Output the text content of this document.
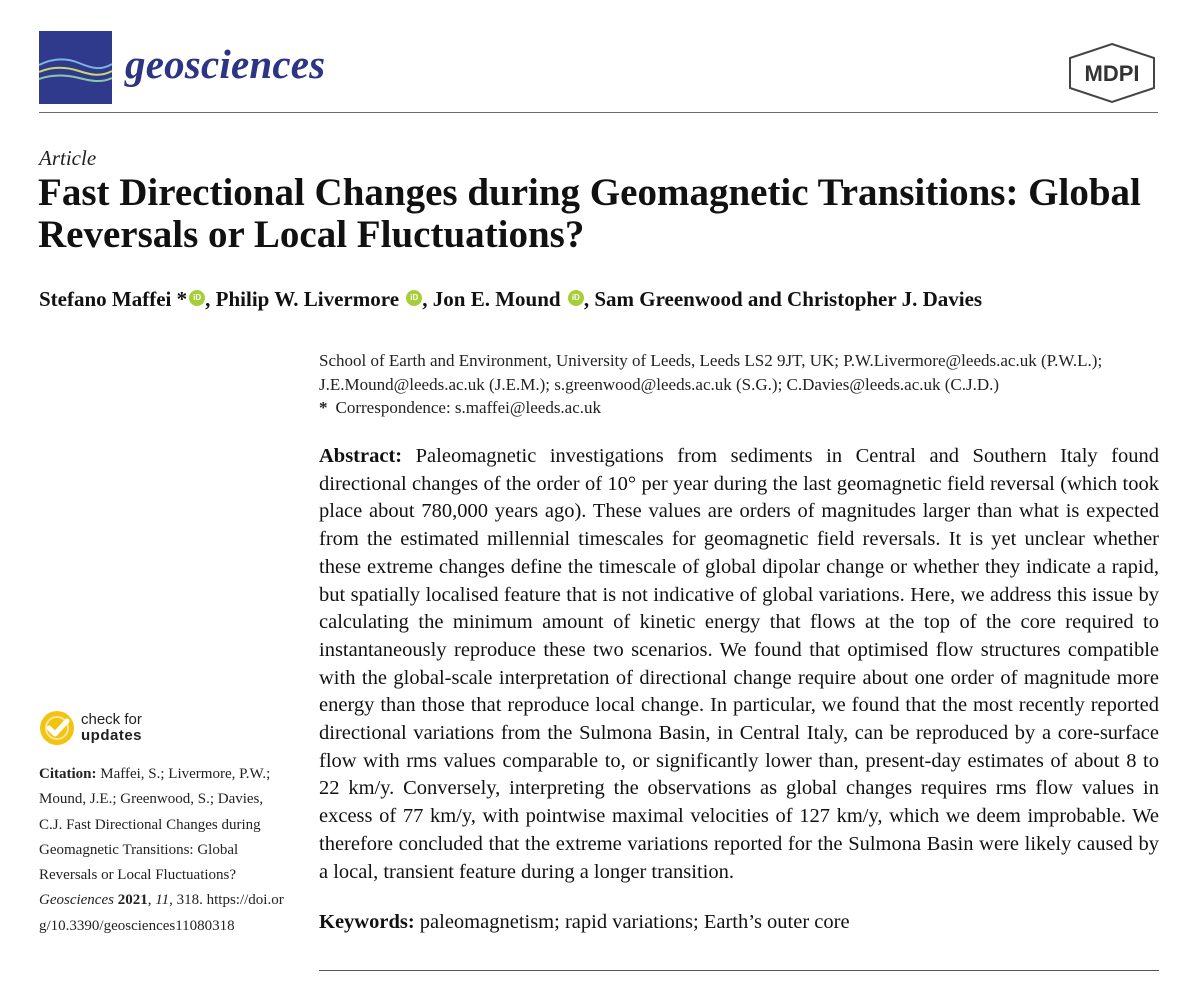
geosciences	MDPI
Article
Fast Directional Changes during Geomagnetic Transitions: Global Reversals or Local Fluctuations?
Stefano Maffei * iD , Philip W. Livermore iD , Jon E. Mound iD , Sam Greenwood and Christopher J. Davies
School of Earth and Environment, University of Leeds, Leeds LS2 9JT, UK; P.W.Livermore@leeds.ac.uk (P.W.L.);
J.E.Mound@leeds.ac.uk (J.E.M.); s.greenwood@leeds.ac.uk (S.G.); C.Davies@leeds.ac.uk (C.J.D.)
* Correspondence: s.maffei@leeds.ac.uk

Abstract: Paleomagnetic investigations from sediments in Central and Southern Italy found directional changes of the order of 10° per year during the last geomagnetic field reversal (which took place about 780,000 years ago). These values are orders of magnitudes larger than what is expected from the estimated millennial timescales for geomagnetic field reversals. It is yet unclear whether these extreme changes define the timescale of global dipolar change or whether they indicate a rapid, but spatially localised feature that is not indicative of global variations. Here, we address this issue by calculating the minimum amount of kinetic energy that flows at the top of the core required to instantaneously reproduce these two scenarios. We found that optimised flow structures compatible with the global-scale interpretation of directional change require about one order of magnitude more energy than those that reproduce local change. In particular, we found that the most recently reported directional variations from the Sulmona Basin, in Central Italy, can be reproduced by a core-surface flow with rms values comparable to, or significantly lower than, present-day estimates of about 8 to 22 km/y. Conversely, interpreting the observations as global changes requires rms flow values in excess of 77 km/y, with pointwise maximal velocities of 127 km/y, which we deem improbable. We therefore concluded that the extreme variations reported for the Sulmona Basin were likely caused by a local, transient feature during a longer transition.

Keywords: paleomagnetism; rapid variations; Earth’s outer core
check for
updates
Citation: Maffei, S.; Livermore, P.W.; Mound, J.E.; Greenwood, S.; Davies, C.J. Fast Directional Changes during Geomagnetic Transitions: Global Reversals or Local Fluctuations? Geosciences 2021, 11, 318. https://doi.org/10.3390/geosciences11080318
